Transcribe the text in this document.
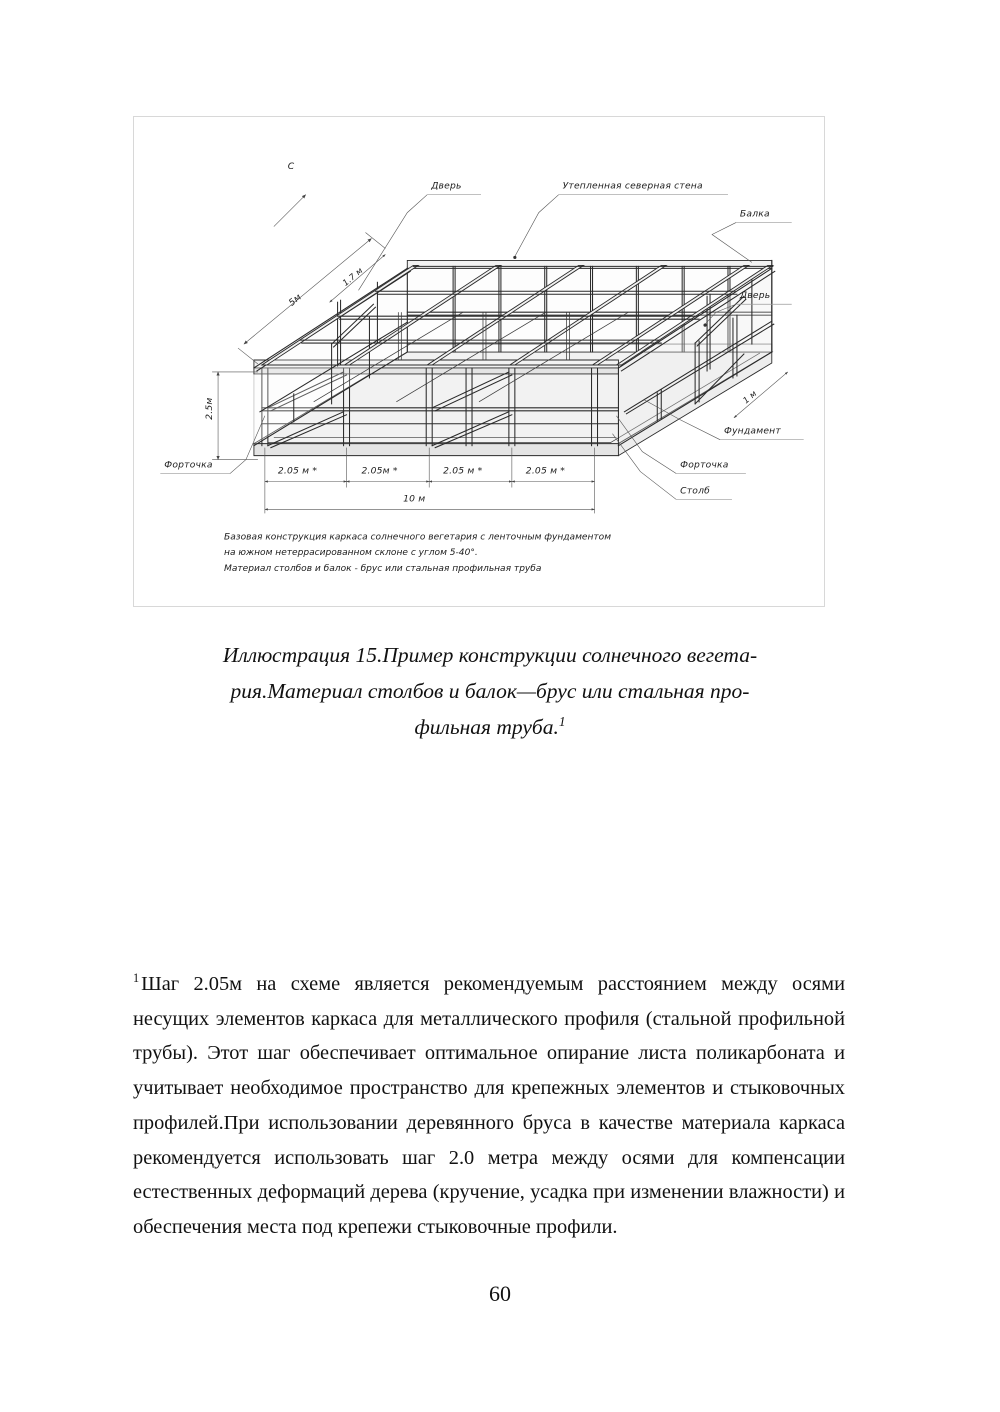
С
5м
1.7 м
2.5м
1 м
2.05 м *	2.05м *	2.05 м *	2.05 м *
10 м
Дверь	Утепленная северная стена
Балка
Дверь
Фундамент
Форточка
Столб
Форточка
Базовая конструкция каркаса солнечного вегетария с ленточным фундаментом
на южном нетеррасированном склоне с углом 5-40°.
Материал столбов и балок - брус или стальная профильная труба
Иллюстрация 15.Пример конструкции солнечного вегета-
рия.Материал столбов и балок—брус или стальная про-
фильная труба.$^1$
$^1$Шаг 2.05м на схеме является рекомендуемым расстоянием между осями несущих элементов каркаса для металлического профиля (стальной профильной трубы). Этот шаг обеспечивает оптимальное опирание листа поликарбоната и учитывает необходимое пространство для крепежных элементов и стыковочных профилей.При использовании деревянного бруса в качестве материала каркаса рекомендуется использовать шаг 2.0 метра между осями для компенсации естественных деформаций дерева (кручение, усадка при изменении влажности) и обеспечения места под крепежи стыковочные профили.
60
